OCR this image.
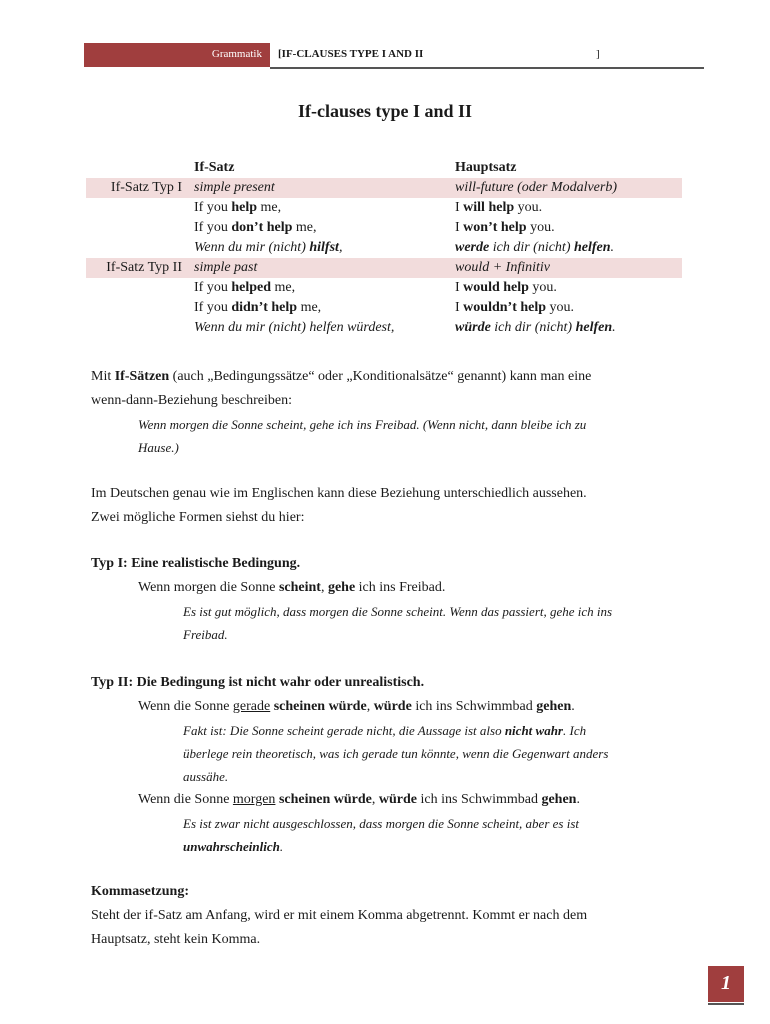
Grammatik [IF-CLAUSES TYPE I AND II	]
If-clauses type I and II
	If-Satz	Hauptsatz
If-Satz Typ I	simple present	will-future (oder Modalverb)
	If you help me,	I will help you.
	If you don’t help me,	I won’t help you.
	Wenn du mir (nicht) hilfst,	werde ich dir (nicht) helfen.
If-Satz Typ II	simple past	would + Infinitiv
	If you helped me,	I would help you.
	If you didn’t help me,	I wouldn’t help you.
	Wenn du mir (nicht) helfen würdest,	würde ich dir (nicht) helfen.
Mit If-Sätzen (auch „Bedingungssätze“ oder „Konditionalsätze“ genannt) kann man eine
wenn-dann-Beziehung beschreiben:
Wenn morgen die Sonne scheint, gehe ich ins Freibad. (Wenn nicht, dann bleibe ich zu
Hause.)
Im Deutschen genau wie im Englischen kann diese Beziehung unterschiedlich aussehen.
Zwei mögliche Formen siehst du hier:
Typ I: Eine realistische Bedingung.
Wenn morgen die Sonne scheint, gehe ich ins Freibad.
Es ist gut möglich, dass morgen die Sonne scheint. Wenn das passiert, gehe ich ins
Freibad.
Typ II: Die Bedingung ist nicht wahr oder unrealistisch.
Wenn die Sonne gerade scheinen würde, würde ich ins Schwimmbad gehen.
Fakt ist: Die Sonne scheint gerade nicht, die Aussage ist also nicht wahr. Ich
überlege rein theoretisch, was ich gerade tun könnte, wenn die Gegenwart anders
aussähe.
Wenn die Sonne morgen scheinen würde, würde ich ins Schwimmbad gehen.
Es ist zwar nicht ausgeschlossen, dass morgen die Sonne scheint, aber es ist
unwahrscheinlich.
Kommasetzung:
Steht der if-Satz am Anfang, wird er mit einem Komma abgetrennt. Kommt er nach dem
Hauptsatz, steht kein Komma.
1
